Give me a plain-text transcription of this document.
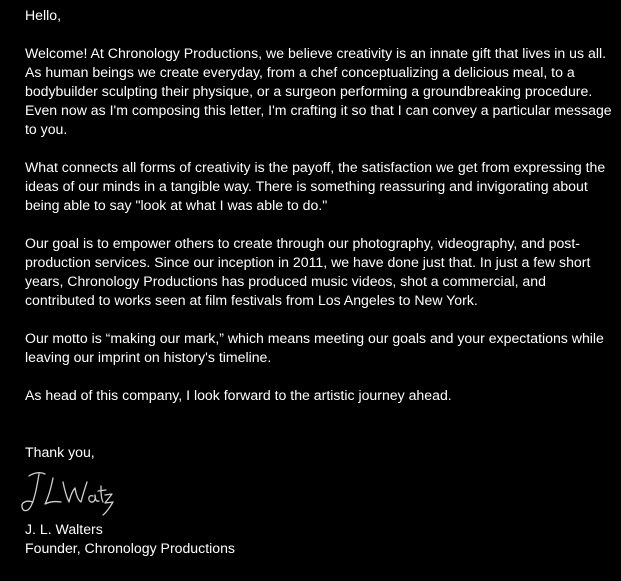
Hello,

Welcome! At Chronology Productions, we believe creativity is an innate gift that lives in us all. As human beings we create everyday, from a chef conceptualizing a delicious meal, to a bodybuilder sculpting their physique, or a surgeon performing a groundbreaking procedure. Even now as I'm composing this letter, I'm crafting it so that I can convey a particular message to you.

What connects all forms of creativity is the payoff, the satisfaction we get from expressing the ideas of our minds in a tangible way. There is something reassuring and invigorating about being able to say "look at what I was able to do."

Our goal is to empower others to create through our photography, videography, and post-production services. Since our inception in 2011, we have done just that. In just a few short years, Chronology Productions has produced music videos, shot a commercial, and contributed to works seen at film festivals from Los Angeles to New York.

Our motto is “making our mark,” which means meeting our goals and your expectations while leaving our imprint on history's timeline.

As head of this company, I look forward to the artistic journey ahead.

Thank you,

J. L. Walters

Founder, Chronology Productions
